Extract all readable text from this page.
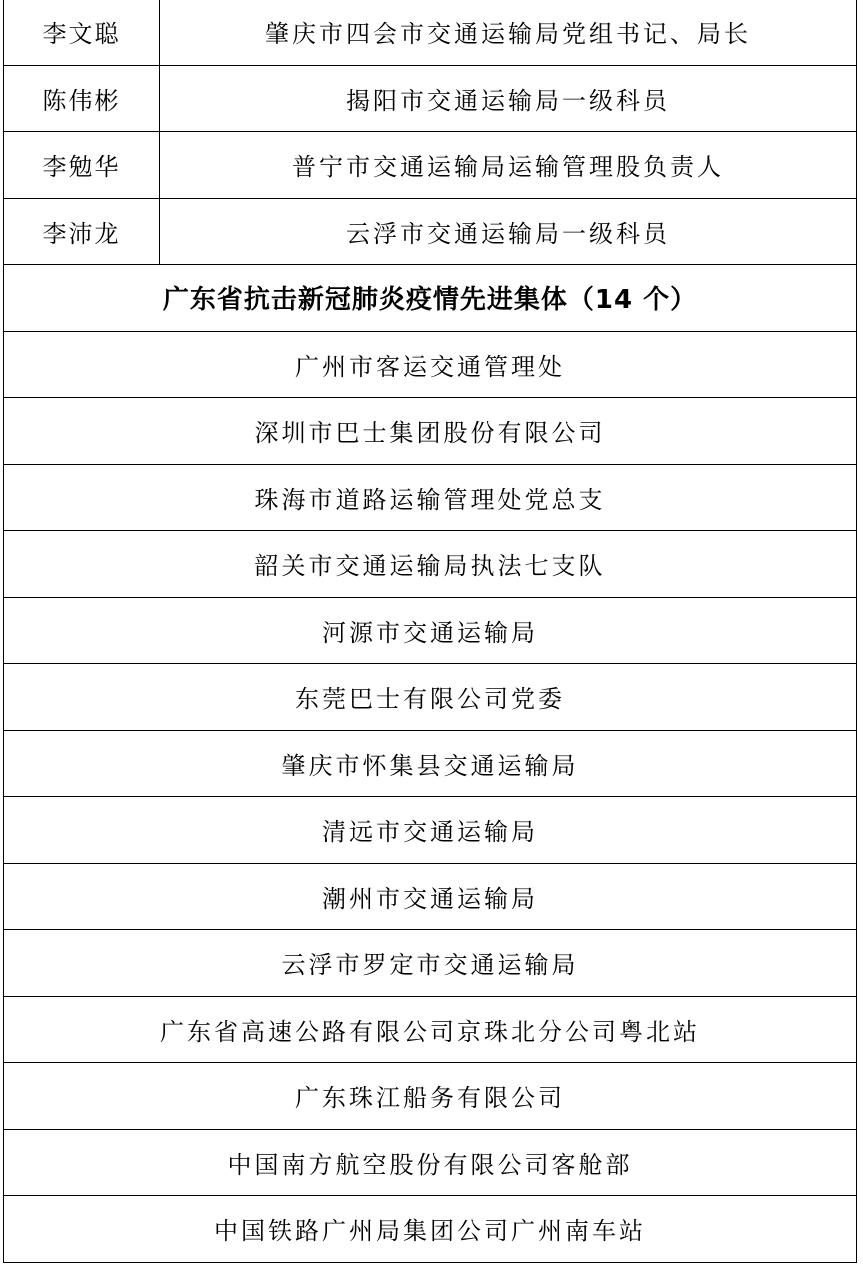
李文聪	肇庆市四会市交通运输局党组书记、局长
陈伟彬	揭阳市交通运输局一级科员
李勉华	普宁市交通运输局运输管理股负责人
李沛龙	云浮市交通运输局一级科员
广东省抗击新冠肺炎疫情先进集体（14 个）
广州市客运交通管理处
深圳市巴士集团股份有限公司
珠海市道路运输管理处党总支
韶关市交通运输局执法七支队
河源市交通运输局
东莞巴士有限公司党委
肇庆市怀集县交通运输局
清远市交通运输局
潮州市交通运输局
云浮市罗定市交通运输局
广东省高速公路有限公司京珠北分公司粤北站
广东珠江船务有限公司
中国南方航空股份有限公司客舱部
中国铁路广州局集团公司广州南车站
